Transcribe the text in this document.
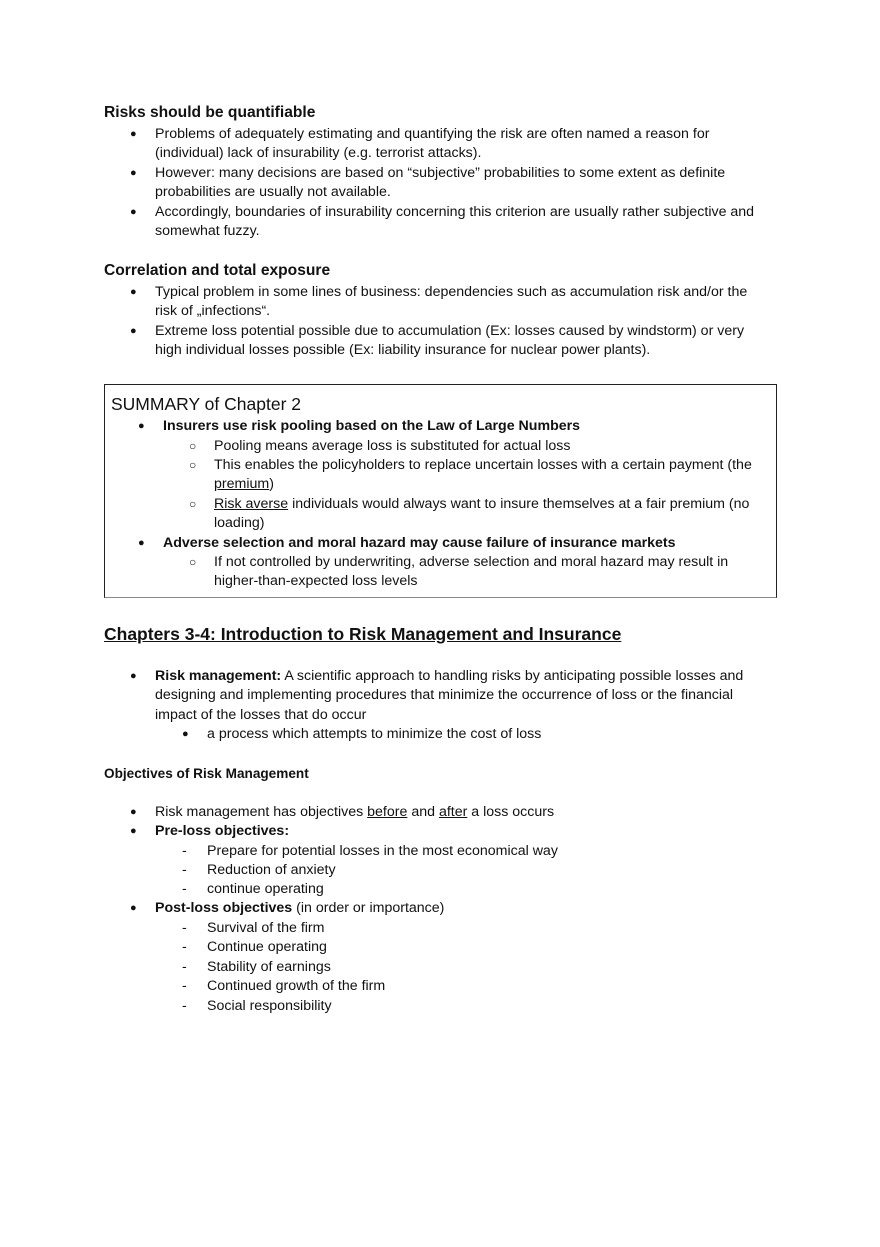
Risks should be quantifiable
● Problems of adequately estimating and quantifying the risk are often named a reason for
(individual) lack of insurability (e.g. terrorist attacks).
● However: many decisions are based on “subjective” probabilities to some extent as definite
probabilities are usually not available.
● Accordingly, boundaries of insurability concerning this criterion are usually rather subjective and
somewhat fuzzy.
Correlation and total exposure
● Typical problem in some lines of business: dependencies such as accumulation risk and/or the
risk of „infections“.
● Extreme loss potential possible due to accumulation (Ex: losses caused by windstorm) or very
high individual losses possible (Ex: liability insurance for nuclear power plants).
SUMMARY of Chapter 2
● Insurers use risk pooling based on the Law of Large Numbers
○ Pooling means average loss is substituted for actual loss
○ This enables the policyholders to replace uncertain losses with a certain payment (the
premium)
○ Risk averse individuals would always want to insure themselves at a fair premium (no
loading)
● Adverse selection and moral hazard may cause failure of insurance markets
○ If not controlled by underwriting, adverse selection and moral hazard may result in
higher-than-expected loss levels
Chapters 3-4: Introduction to Risk Management and Insurance
● Risk management: A scientific approach to handling risks by anticipating possible losses and
designing and implementing procedures that minimize the occurrence of loss or the financial
impact of the losses that do occur
● a process which attempts to minimize the cost of loss
Objectives of Risk Management
● Risk management has objectives before and after a loss occurs
● Pre-loss objectives:
- Prepare for potential losses in the most economical way
- Reduction of anxiety
- continue operating
● Post-loss objectives (in order or importance)
- Survival of the firm
- Continue operating
- Stability of earnings
- Continued growth of the firm
- Social responsibility
